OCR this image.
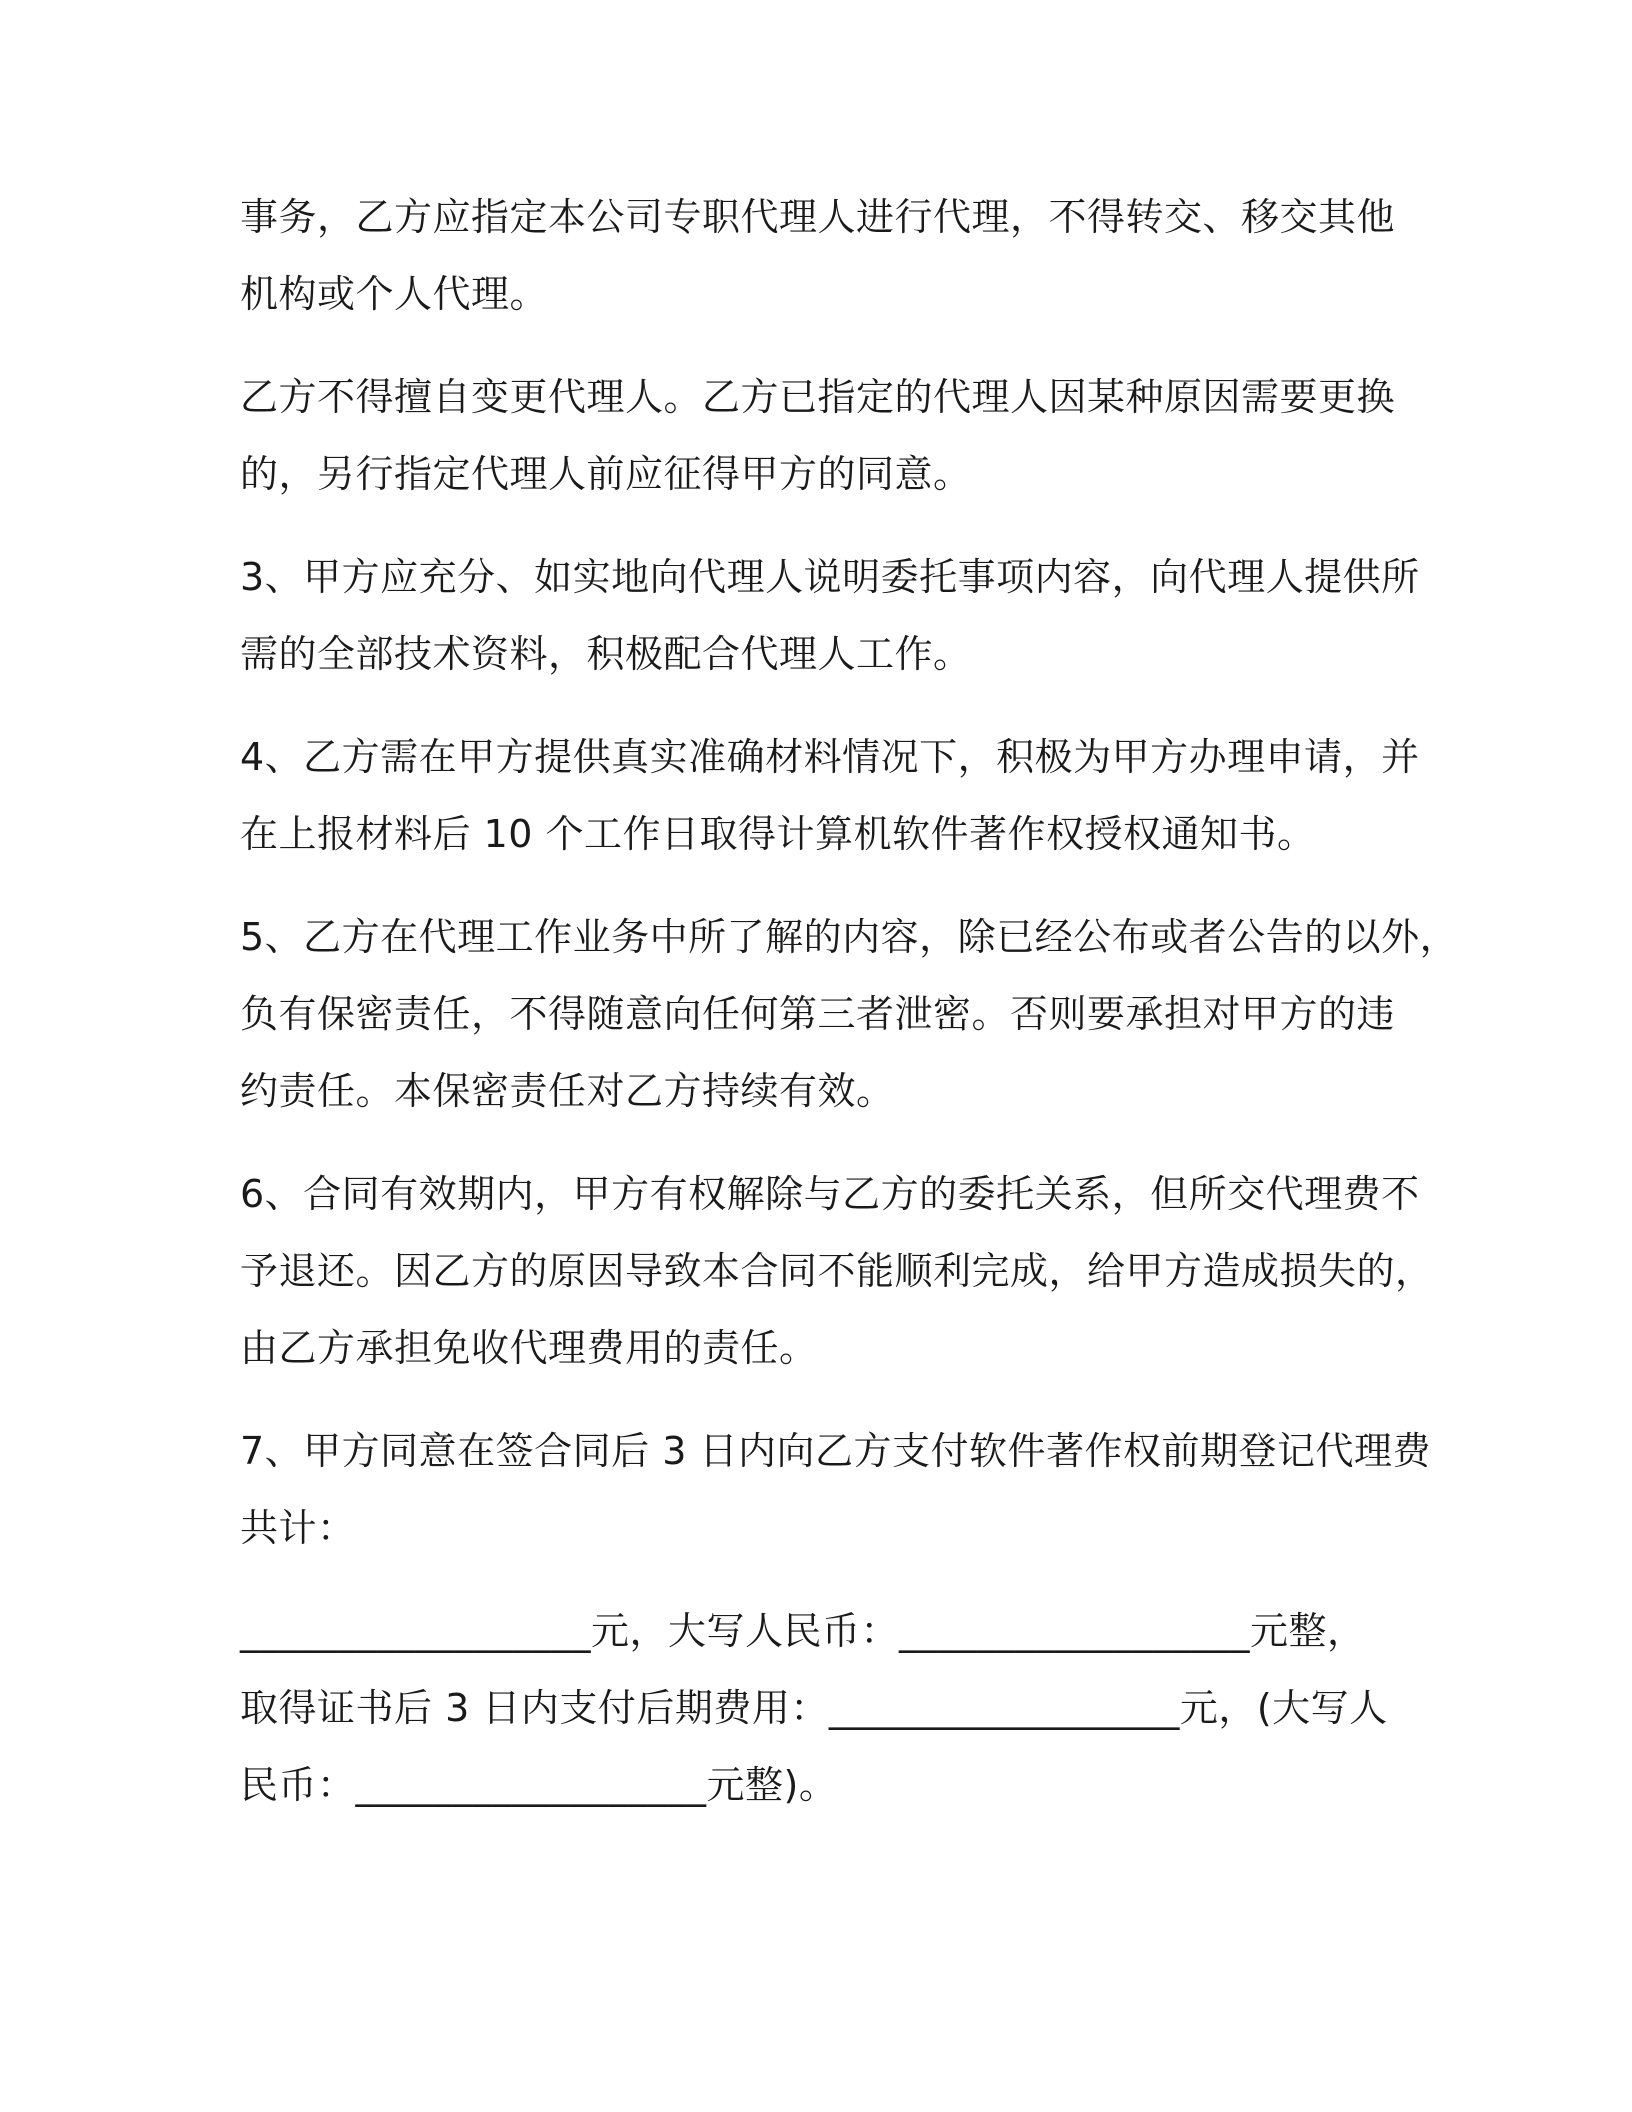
事务，乙方应指定本公司专职代理人进行代理，不得转交、移交其他
机构或个人代理。
乙方不得擅自变更代理人。乙方已指定的代理人因某种原因需要更换
的，另行指定代理人前应征得甲方的同意。
3、甲方应充分、如实地向代理人说明委托事项内容，向代理人提供所
需的全部技术资料，积极配合代理人工作。
4、乙方需在甲方提供真实准确材料情况下，积极为甲方办理申请，并
在上报材料后 10 个工作日取得计算机软件著作权授权通知书。
5、乙方在代理工作业务中所了解的内容，除已经公布或者公告的以外，
负有保密责任，不得随意向任何第三者泄密。否则要承担对甲方的违
约责任。本保密责任对乙方持续有效。
6、合同有效期内，甲方有权解除与乙方的委托关系，但所交代理费不
予退还。因乙方的原因导致本合同不能顺利完成，给甲方造成损失的，
由乙方承担免收代理费用的责任。
7、甲方同意在签合同后 3 日内向乙方支付软件著作权前期登记代理费
共计：
__________________元，大写人民币：__________________元整，
取得证书后 3 日内支付后期费用：__________________元，(大写人
民币：__________________元整)。
